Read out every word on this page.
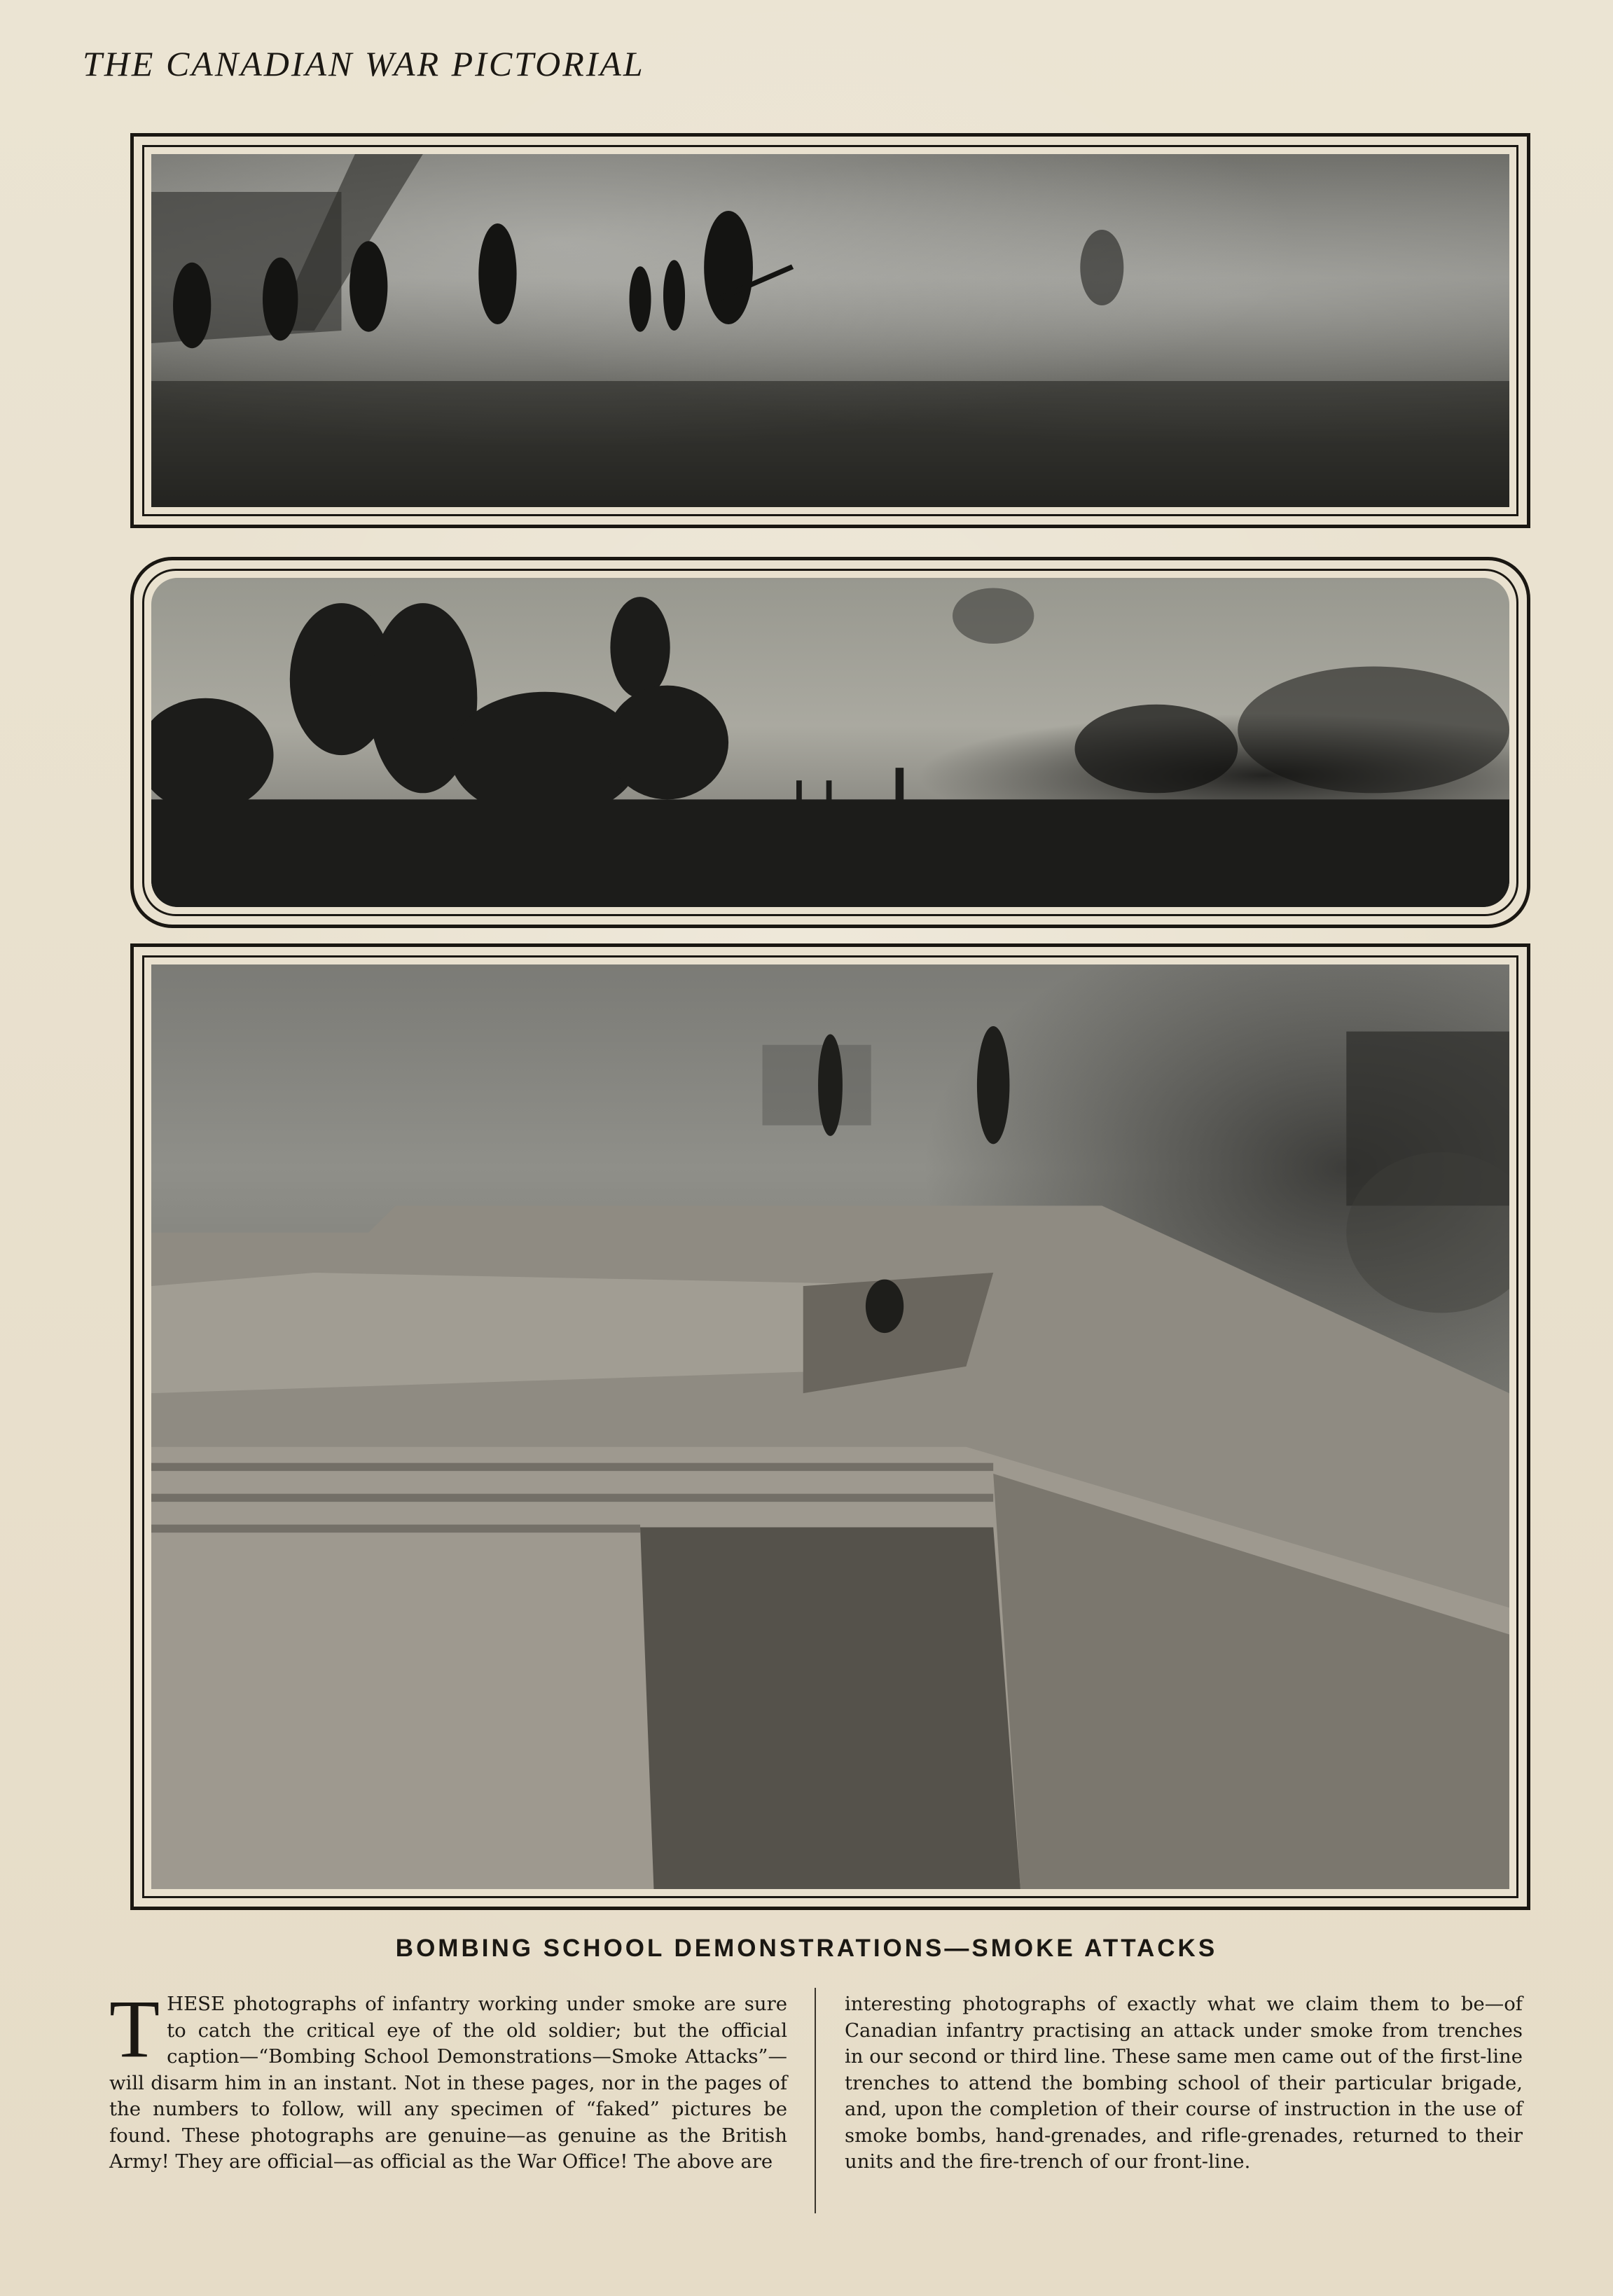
THE CANADIAN WAR PICTORIAL
BOMBING SCHOOL DEMONSTRATIONS—SMOKE ATTACKS
THESE photographs of infantry working under smoke are sure to catch the critical eye of the old soldier; but the official caption—“Bombing School Demonstrations—Smoke Attacks”—will disarm him in an instant. Not in these pages, nor in the pages of the numbers to follow, will any specimen of “faked” pictures be found. These photographs are genuine—as genuine as the British Army! They are official—as official as the War Office! The above are
interesting photographs of exactly what we claim them to be—of Canadian infantry practising an attack under smoke from trenches in our second or third line. These same men came out of the first-line trenches to attend the bombing school of their particular brigade, and, upon the completion of their course of instruction in the use of smoke bombs, hand-grenades, and rifle-grenades, returned to their units and the fire-trench of our front-line.
